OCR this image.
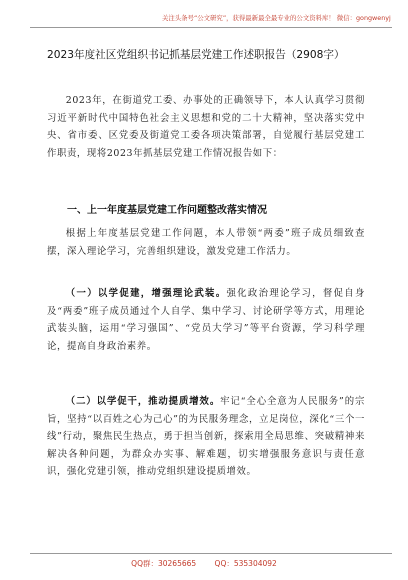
关注头条号“公文研究”，获得最新最全最专业的公文资料库！ 微信：gongwenyj
2023年度社区党组织书记抓基层党建工作述职报告（2908字）

2023年，在街道党工委、办事处的正确领导下，本人认真学习贯彻习近平新时代中国特色社会主义思想和党的二十大精神，坚决落实党中央、省市委、区党委及街道党工委各项决策部署，自觉履行基层党建工作职责，现将2023年抓基层党建工作情况报告如下：

一、上一年度基层党建工作问题整改落实情况

根据上年度基层党建工作问题，本人带领“两委”班子成员细致查摆，深入理论学习，完善组织建设，激发党建工作活力。

（一）以学促建，增强理论武装。强化政治理论学习，督促自身及“两委”班子成员通过个人自学、集中学习、讨论研学等方式，用理论武装头脑，运用“学习强国”、“党员大学习”等平台资源，学习科学理论，提高自身政治素养。

（二）以学促干，推动提质增效。牢记“全心全意为人民服务”的宗旨，坚持“以百姓之心为己心”的为民服务理念，立足岗位，深化“三个一线”行动，聚焦民生热点，勇于担当创新，探索用全局思维、突破精神来解决各种问题，为群众办实事、解难题，切实增强服务意识与责任意识，强化党建引领，推动党组织建设提质增效。

QQ群：30265665 QQ：535304092
